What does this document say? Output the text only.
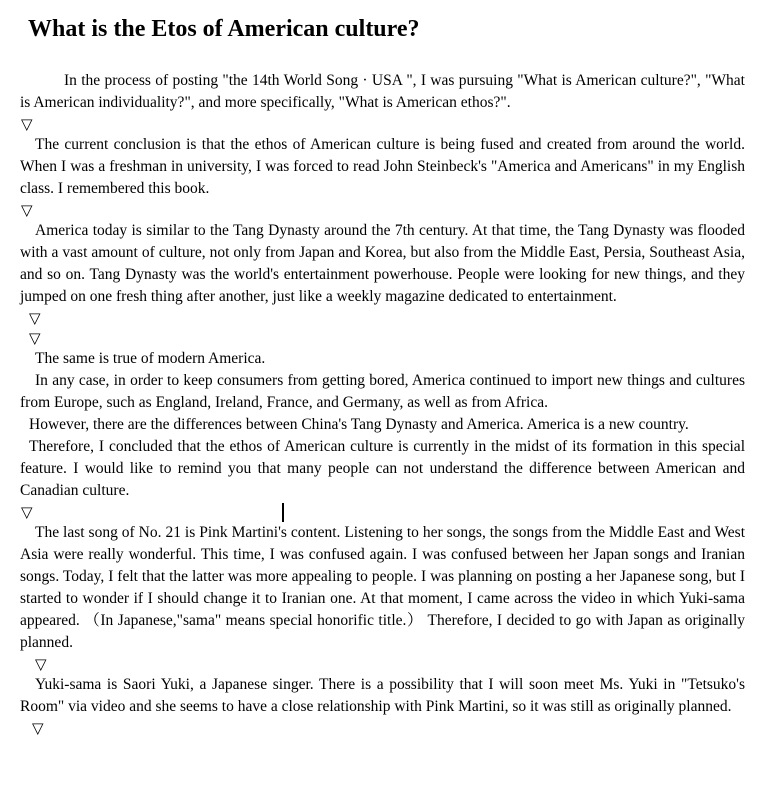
What is the Etos of American culture?

In the process of posting "the 14th World Song · USA ", I was pursuing "What is American culture?", "What is American individuality?", and more specifically, "What is American ethos?".

▽

The current conclusion is that the ethos of American culture is being fused and created from around the world. When I was a freshman in university, I was forced to read John Steinbeck's "America and Americans" in my English class. I remembered this book.

▽

America today is similar to the Tang Dynasty around the 7th century. At that time, the Tang Dynasty was flooded with a vast amount of culture, not only from Japan and Korea, but also from the Middle East, Persia, Southeast Asia, and so on. Tang Dynasty was the world's entertainment powerhouse. People were looking for new things, and they jumped on one fresh thing after another, just like a weekly magazine dedicated to entertainment.

▽
▽

The same is true of modern America.

In any case, in order to keep consumers from getting bored, America continued to import new things and cultures from Europe, such as England, Ireland, France, and Germany, as well as from Africa.

However, there are the differences between China's Tang Dynasty and America. America is a new country.

Therefore, I concluded that the ethos of American culture is currently in the midst of its formation in this special feature. I would like to remind you that many people can not understand the difference between American and Canadian culture.

▽

The last song of No. 21 is Pink Martini's content. Listening to her songs, the songs from the Middle East and West Asia were really wonderful. This time, I was confused again. I was confused between her Japan songs and Iranian songs. Today, I felt that the latter was more appealing to people. I was planning on posting a her Japanese song, but I started to wonder if I should change it to Iranian one. At that moment, I came across the video in which Yuki-sama appeared. （In Japanese,"sama" means special honorific title.） Therefore, I decided to go with Japan as originally planned.

▽

Yuki-sama is Saori Yuki, a Japanese singer. There is a possibility that I will soon meet Ms. Yuki in "Tetsuko's Room" via video and she seems to have a close relationship with Pink Martini, so it was still as originally planned.

▽
